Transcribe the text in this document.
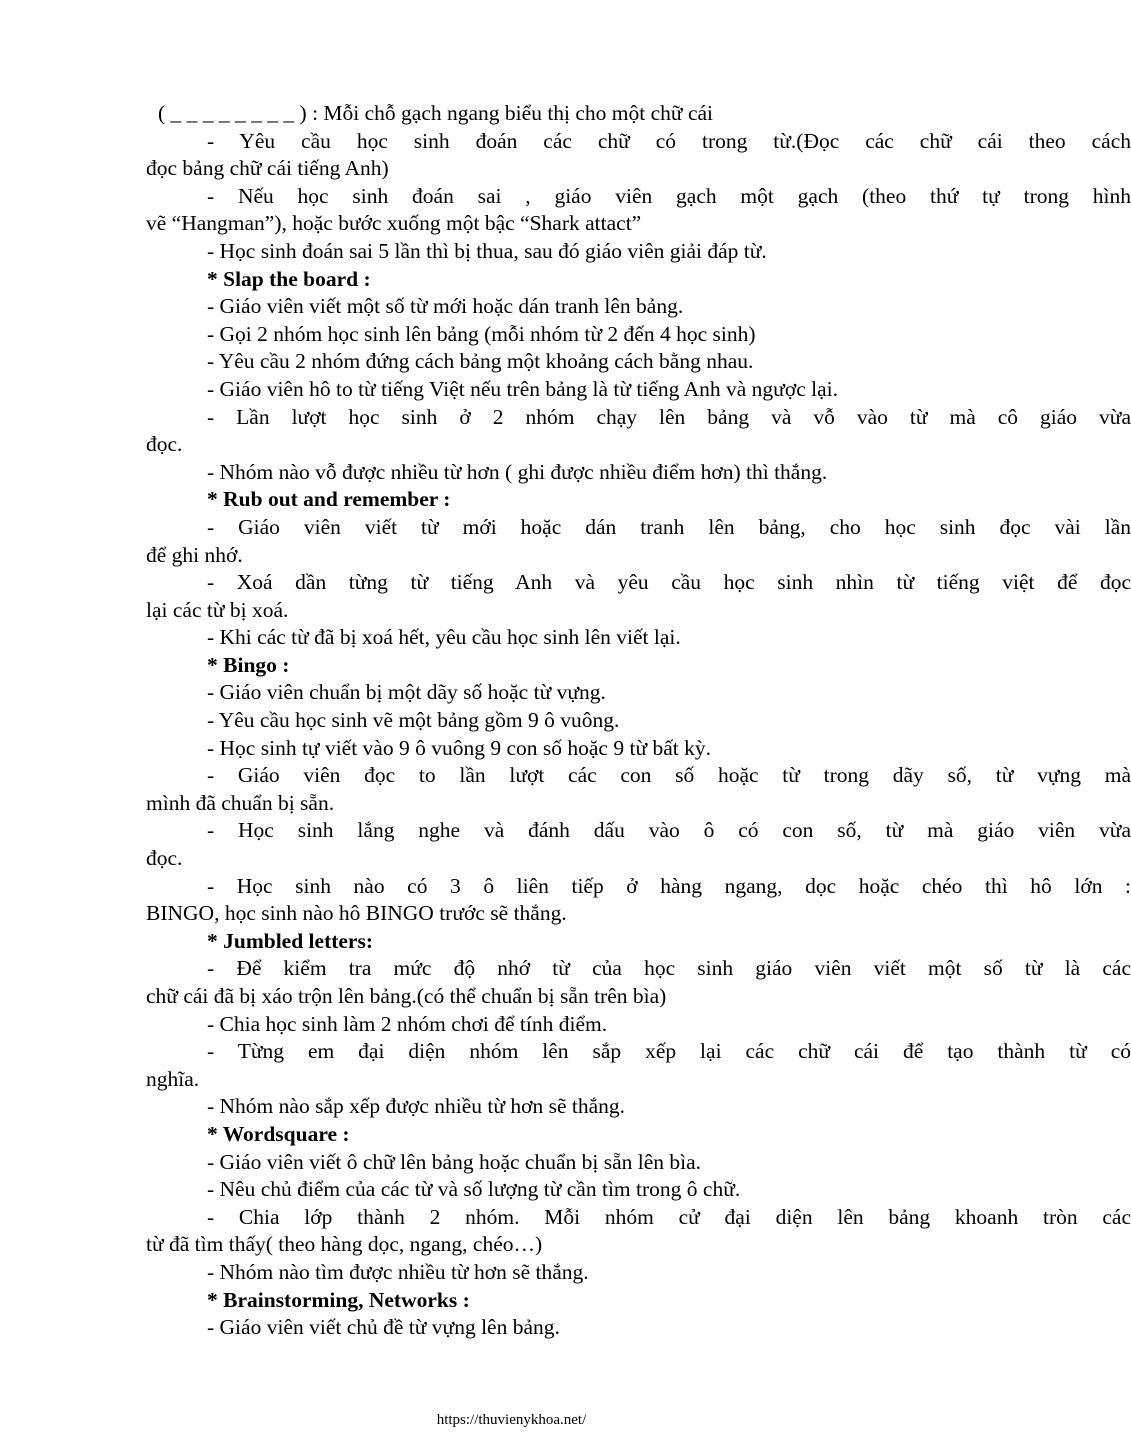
( _ _ _ _ _ _ _ _ ) : Mỗi chỗ gạch ngang biểu thị cho một chữ cái
- Yêu cầu học sinh đoán các chữ có trong từ.(Đọc các chữ cái theo cách
đọc bảng chữ cái tiếng Anh)
- Nếu học sinh đoán sai , giáo viên gạch một gạch (theo thứ tự trong hình
vẽ “Hangman”), hoặc bước xuống một bậc “Shark attact”
- Học sinh đoán sai 5 lần thì bị thua, sau đó giáo viên giải đáp từ.
* Slap the board :
- Giáo viên viết một số từ mới hoặc dán tranh lên bảng.
- Gọi 2 nhóm học sinh lên bảng (mỗi nhóm từ 2 đến 4 học sinh)
- Yêu cầu 2 nhóm đứng cách bảng một khoảng cách bằng nhau.
- Giáo viên hô to từ tiếng Việt nếu trên bảng là từ tiếng Anh và ngược lại.
- Lần lượt học sinh ở 2 nhóm chạy lên bảng và vỗ vào từ mà cô giáo vừa
đọc.
- Nhóm nào vỗ được nhiều từ hơn ( ghi được nhiều điểm hơn) thì thắng.
* Rub out and remember :
- Giáo viên viết từ mới hoặc dán tranh lên bảng, cho học sinh đọc vài lần
để ghi nhớ.
- Xoá dần từng từ tiếng Anh và yêu cầu học sinh nhìn từ tiếng việt để đọc
lại các từ bị xoá.
- Khi các từ đã bị xoá hết, yêu cầu học sinh lên viết lại.
* Bingo :
- Giáo viên chuẩn bị một dãy số hoặc từ vựng.
- Yêu cầu học sinh vẽ một bảng gồm 9 ô vuông.
- Học sinh tự viết vào 9 ô vuông 9 con số hoặc 9 từ bất kỳ.
- Giáo viên đọc to lần lượt các con số hoặc từ trong dãy số, từ vựng mà
mình đã chuẩn bị sẵn.
- Học sinh lắng nghe và đánh dấu vào ô có con số, từ mà giáo viên vừa
đọc.
- Học sinh nào có 3 ô liên tiếp ở hàng ngang, dọc hoặc chéo thì hô lớn :
BINGO, học sinh nào hô BINGO trước sẽ thắng.
* Jumbled letters:
- Để kiểm tra mức độ nhớ từ của học sinh giáo viên viết một số từ là các
chữ cái đã bị xáo trộn lên bảng.(có thể chuẩn bị sẵn trên bìa)
- Chia học sinh làm 2 nhóm chơi để tính điểm.
- Từng em đại diện nhóm lên sắp xếp lại các chữ cái để tạo thành từ có
nghĩa.
- Nhóm nào sắp xếp được nhiều từ hơn sẽ thắng.
* Wordsquare :
- Giáo viên viết ô chữ lên bảng hoặc chuẩn bị sẵn lên bìa.
- Nêu chủ điểm của các từ và số lượng từ cần tìm trong ô chữ.
- Chia lớp thành 2 nhóm. Mỗi nhóm cử đại diện lên bảng khoanh tròn các
từ đã tìm thấy( theo hàng dọc, ngang, chéo…)
- Nhóm nào tìm được nhiều từ hơn sẽ thắng.
* Brainstorming, Networks :
- Giáo viên viết chủ đề từ vựng lên bảng.
https://thuvienykhoa.net/
